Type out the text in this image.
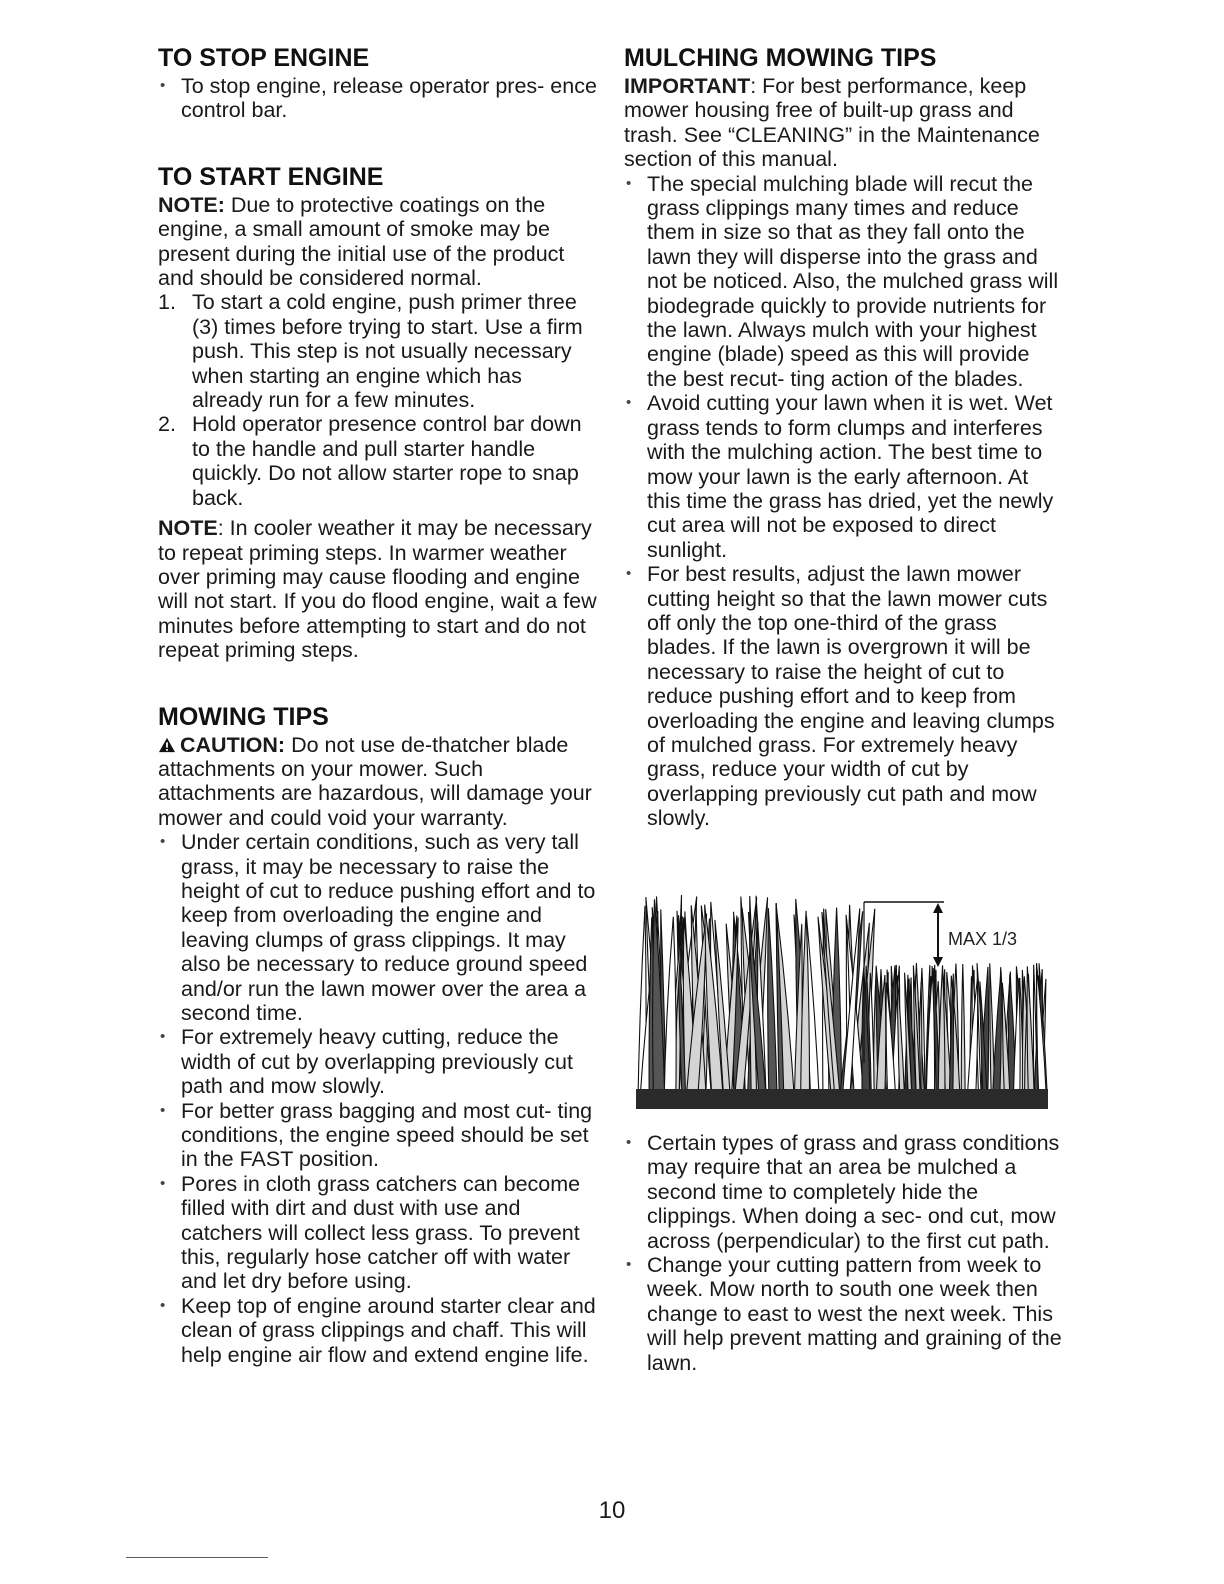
TO STOP ENGINE
• To stop engine, release operator pres- ence control bar.
TO START ENGINE

NOTE: Due to protective coatings on the engine, a small amount of smoke may be present during the initial use of the product and should be considered normal.

1. To start a cold engine, push primer three (3) times before trying to start. Use a firm push. This step is not usually necessary when starting an engine which has already run for a few minutes.
2. Hold operator presence control bar down to the handle and pull starter handle quickly. Do not allow starter rope to snap back.

NOTE: In cooler weather it may be necessary to repeat priming steps. In warmer weather over priming may cause flooding and engine will not start. If you do flood engine, wait a few minutes before attempting to start and do not repeat priming steps.

MOWING TIPS

CAUTION: Do not use de-thatcher blade attachments on your mower. Such attachments are hazardous, will damage your mower and could void your warranty.

• Under certain conditions, such as very tall grass, it may be necessary to raise the height of cut to reduce pushing effort and to keep from overloading the engine and leaving clumps of grass clippings. It may also be necessary to reduce ground speed and/or run the lawn mower over the area a second time.
• For extremely heavy cutting, reduce the width of cut by overlapping previously cut path and mow slowly.
• For better grass bagging and most cut- ting conditions, the engine speed should be set in the FAST position.
• Pores in cloth grass catchers can become filled with dirt and dust with use and catchers will collect less grass. To prevent this, regularly hose catcher off with water and let dry before using.
• Keep top of engine around starter clear and clean of grass clippings and chaff. This will help engine air flow and extend engine life.
MULCHING MOWING TIPS

IMPORTANT: For best performance, keep mower housing free of built-up grass and trash. See “CLEANING” in the Maintenance section of this manual.

• The special mulching blade will recut the grass clippings many times and reduce them in size so that as they fall onto the lawn they will disperse into the grass and not be noticed. Also, the mulched grass will biodegrade quickly to provide nutrients for the lawn. Always mulch with your highest engine (blade) speed as this will provide the best recut- ting action of the blades.
• Avoid cutting your lawn when it is wet. Wet grass tends to form clumps and interferes with the mulching action. The best time to mow your lawn is the early afternoon. At this time the grass has dried, yet the newly cut area will not be exposed to direct sunlight.
• For best results, adjust the lawn mower cutting height so that the lawn mower cuts off only the top one-third of the grass blades. If the lawn is overgrown it will be necessary to raise the height of cut to reduce pushing effort and to keep from overloading the engine and leaving clumps of mulched grass. For extremely heavy grass, reduce your width of cut by overlapping previously cut path and mow slowly.
MAX 1/3
• Certain types of grass and grass conditions may require that an area be mulched a second time to completely hide the clippings. When doing a sec- ond cut, mow across (perpendicular) to the first cut path.
• Change your cutting pattern from week to week. Mow north to south one week then change to east to west the next week. This will help prevent matting and graining of the lawn.
10
